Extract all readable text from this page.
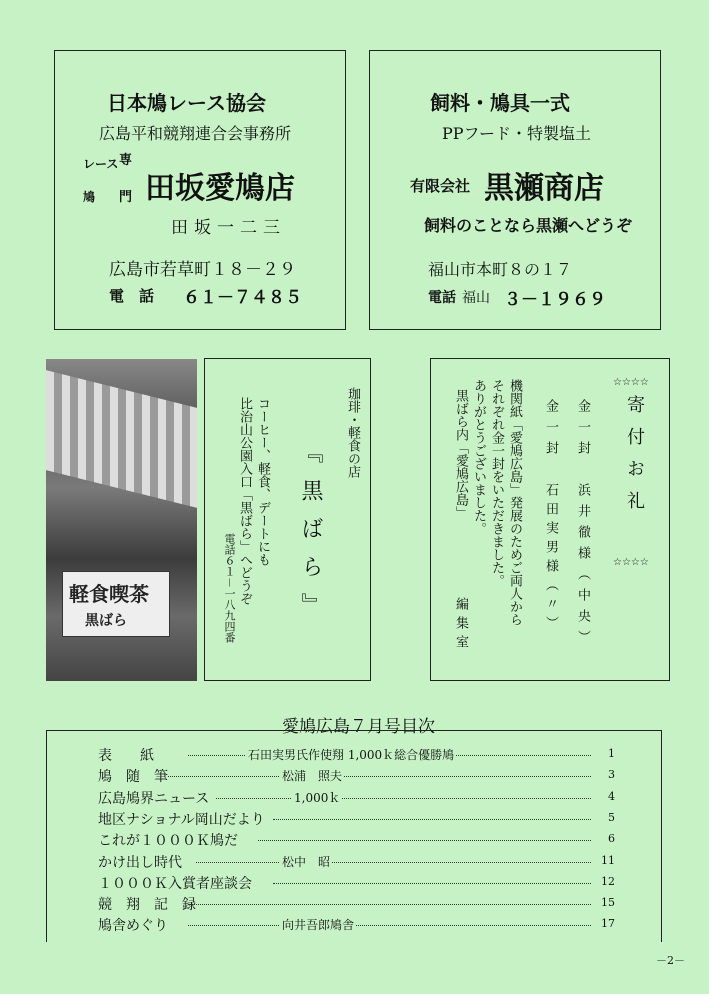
日本鳩レース協会
広島平和競翔連合会事務所
専
レース
鳩 門 田坂愛鳩店
田坂一二三
広島市若草町１８－２９
電　話 ６１－７４８５
飼料・鳩具一式
PPフード・特製塩土
有限会社 黒瀬商店
飼料のことなら黒瀬へどうぞ
福山市本町８の１７
電話 福山 ３－１９６９
軽食喫茶
黒ばら
珈琲・軽食の店
『黒ばら』
コーヒー、軽食、デートにも
比治山公園入口「黒ばら」へどうぞ
電話６１－一八九四番
☆☆☆☆
寄付お礼
☆☆☆☆
金一封
浜井徹様（中央）
金一封
石田実男様（〃）
機関紙「愛鳩広島」発展のためご両人から
それぞれ金一封をいただきました。
ありがとうございました。
黒ばら内「愛鳩広島」
編集室
愛鳩広島７月号目次
表　　紙	石田実男氏作使翔 1,000ｋ総合優勝鳩	1
鳩　随　筆	松浦　照夫	3
広島鳩界ニュース	1,000ｋ	4
地区ナショナル岡山だより	5
これが１０００Ｋ鳩だ	6
かけ出し時代	松中　昭	11
１０００Ｋ入賞者座談会	12
競　翔　記　録	15
鳩舎めぐり	向井吾郎鳩舎	17
－2－
